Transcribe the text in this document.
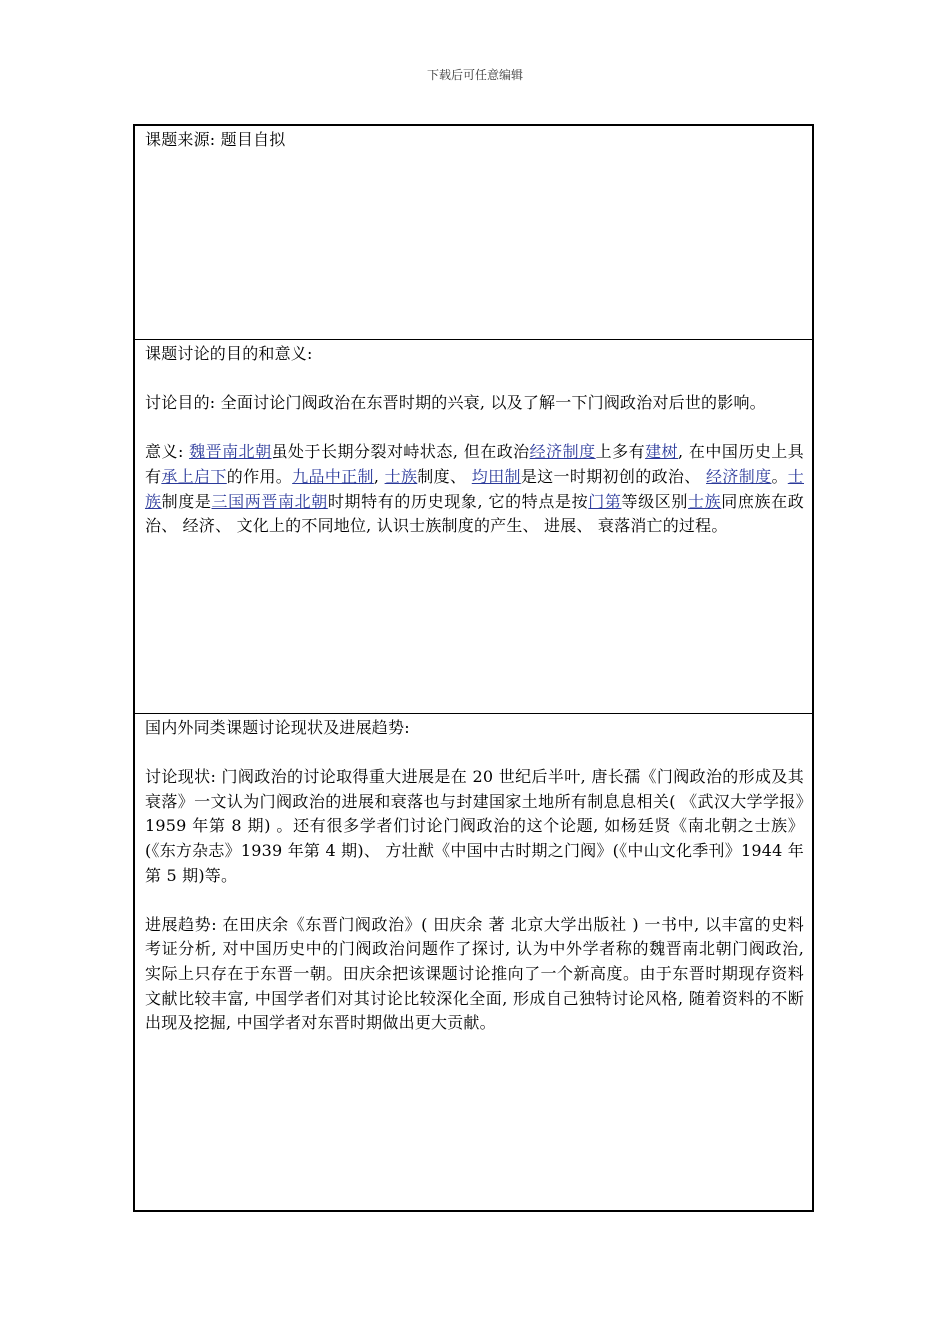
下载后可任意编辑

课题来源: 题目自拟

课题讨论的目的和意义:

讨论目的: 全面讨论门阀政治在东晋时期的兴衰, 以及了解一下门阀政治对后世的影响。

意义: 魏晋南北朝虽处于长期分裂对峙状态, 但在政治经济制度上多有建树, 在中国历史上具有承上启下的作用。九品中正制, 士族制度、 均田制是这一时期初创的政治、 经济制度。士族制度是三国两晋南北朝时期特有的历史现象, 它的特点是按门第等级区别士族同庶族在政治、 经济、 文化上的不同地位, 认识士族制度的产生、 进展、 衰落消亡的过程。

国内外同类课题讨论现状及进展趋势:

讨论现状: 门阀政治的讨论取得重大进展是在 20 世纪后半叶, 唐长孺《门阀政治的形成及其衰落》一文认为门阀政治的进展和衰落也与封建国家土地所有制息息相关( 《武汉大学学报》1959 年第 8 期) 。还有很多学者们讨论门阀政治的这个论题, 如杨廷贤《南北朝之士族》(《东方杂志》1939 年第 4 期)、 方壮猷《中国中古时期之门阀》(《中山文化季刊》1944 年第 5 期)等。

进展趋势: 在田庆余《东晋门阀政治》( 田庆余 著 北京大学出版社 ) 一书中, 以丰富的史料考证分析, 对中国历史中的门阀政治问题作了探讨, 认为中外学者称的魏晋南北朝门阀政治, 实际上只存在于东晋一朝。田庆余把该课题讨论推向了一个新高度。由于东晋时期现存资料文献比较丰富, 中国学者们对其讨论比较深化全面, 形成自己独特讨论风格, 随着资料的不断出现及挖掘, 中国学者对东晋时期做出更大贡献。
